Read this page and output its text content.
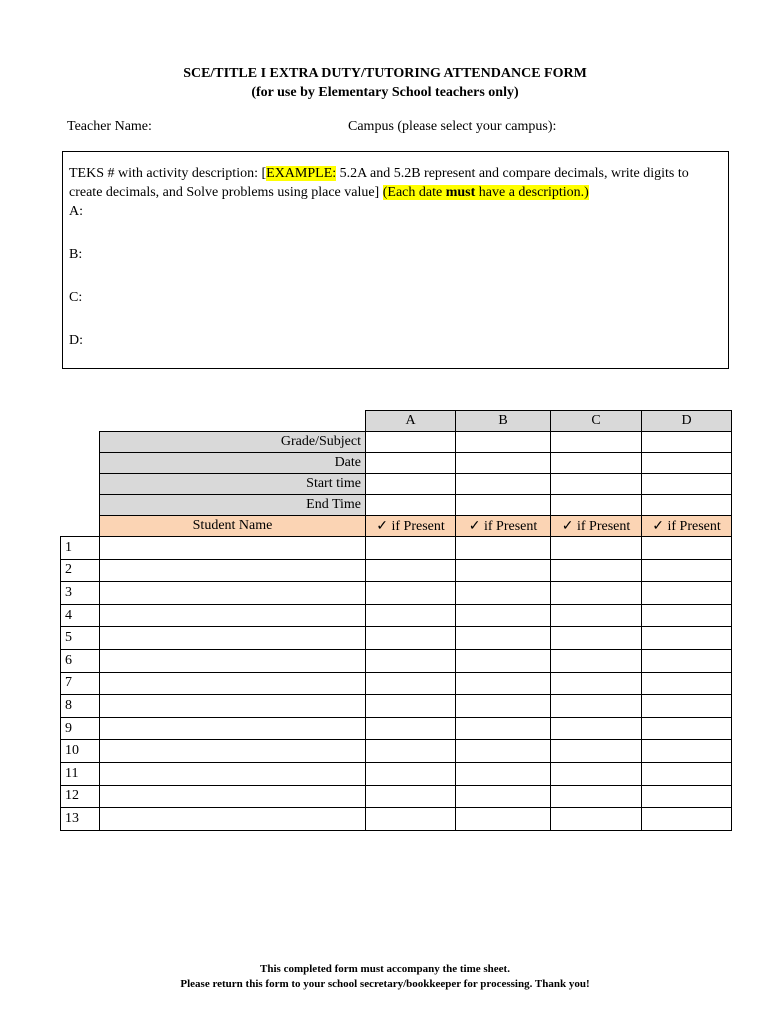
SCE/TITLE I EXTRA DUTY/TUTORING ATTENDANCE FORM
(for use by Elementary School teachers only)
Teacher Name:	Campus (please select your campus):
TEKS # with activity description: [EXAMPLE: 5.2A and 5.2B represent and compare decimals, write digits to create decimals, and Solve problems using place value] (Each date must have a description.)
A:
B:
C:
D:
		A	B	C	D
	Grade/Subject				
	Date				
	Start time				
	End Time				
	Student Name	✓ if Present	✓ if Present	✓ if Present	✓ if Present
1					
2					
3					
4					
5					
6					
7					
8					
9					
10					
11					
12					
13					
This completed form must accompany the time sheet.
Please return this form to your school secretary/bookkeeper for processing. Thank you!
